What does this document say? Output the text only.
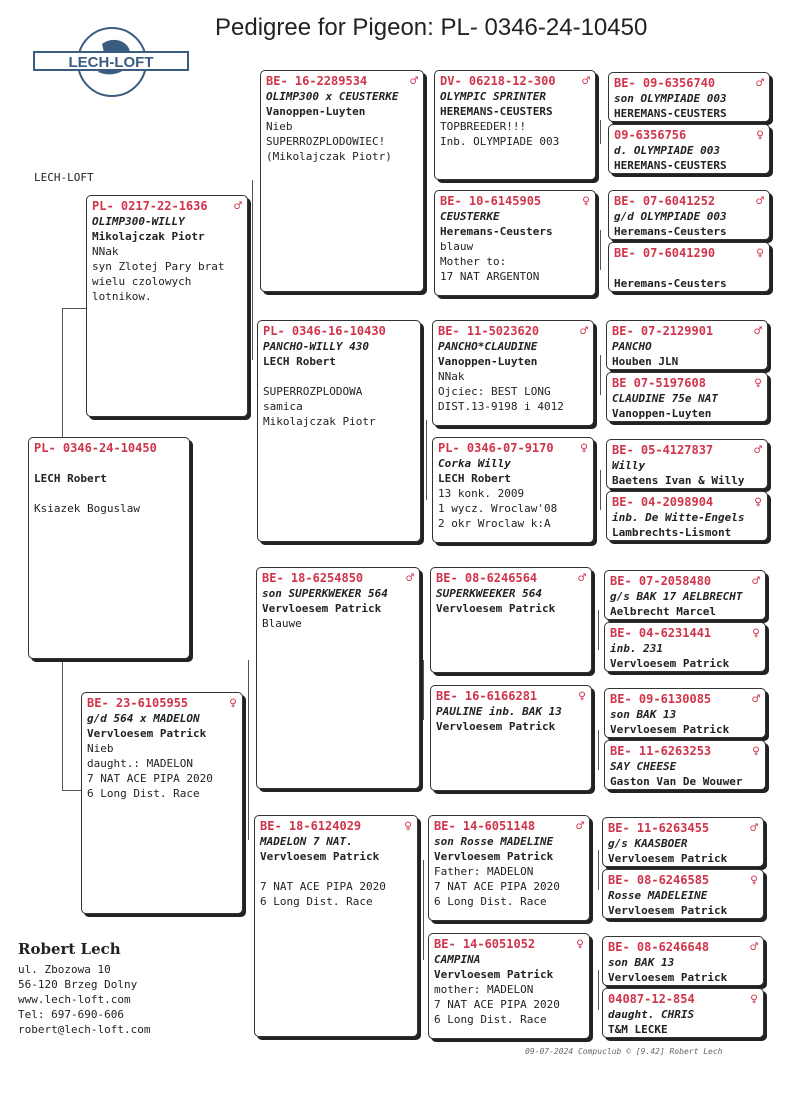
Pedigree for Pigeon: PL- 0346-24-10450
LECH-LOFT
LECH-LOFT
PL- 0346-24-10450

LECH Robert

Ksiazek Boguslaw
PL- 0217-22-1636 ♂
OLIMP300-WILLY
Mikolajczak Piotr
NNak
syn Zlotej Pary brat
wielu czolowych
lotnikow.
BE- 23-6105955	♀
g/d 564 x MADELON
Vervloesem Patrick
Nieb
daught.: MADELON
7 NAT ACE PIPA 2020
6 Long Dist. Race
BE- 16-2289534	♂
OLIMP300 x CEUSTERKE
Vanoppen-Luyten
Nieb
SUPERROZPLODOWIEC!
(Mikolajczak Piotr)
PL- 0346-16-10430
PANCHO-WILLY 430
LECH Robert

SUPERROZPLODOWA
samica
Mikolajczak Piotr
BE- 18-6254850	♂
son SUPERKWEKER 564
Vervloesem Patrick
Blauwe
BE- 18-6124029	♀
MADELON 7 NAT.
Vervloesem Patrick

7 NAT ACE PIPA 2020
6 Long Dist. Race
DV- 06218-12-300 ♂
OLYMPIC SPRINTER
HEREMANS-CEUSTERS
TOPBREEDER!!!
Inb. OLYMPIADE 003
BE- 10-6145905	♀
CEUSTERKE
Heremans-Ceusters
blauw
Mother to:
17 NAT ARGENTON
BE- 11-5023620	♂
PANCHO*CLAUDINE
Vanoppen-Luyten
NNak
Ojciec: BEST LONG
DIST.13-9198 i 4012
PL- 0346-07-9170 ♀
Corka Willy
LECH Robert
13 konk. 2009
1 wycz. Wroclaw'08
2 okr Wroclaw k:A
BE- 08-6246564	♂
SUPERKWEEKER 564
Vervloesem Patrick
BE- 16-6166281	♀
PAULINE inb. BAK 13
Vervloesem Patrick
BE- 14-6051148	♂
son Rosse MADELINE
Vervloesem Patrick
Father: MADELON
7 NAT ACE PIPA 2020
6 Long Dist. Race
BE- 14-6051052	♀
CAMPINA
Vervloesem Patrick
mother: MADELON
7 NAT ACE PIPA 2020
6 Long Dist. Race
BE- 09-6356740	♂
son OLYMPIADE 003
HEREMANS-CEUSTERS
09-6356756	♀
d. OLYMPIADE 003
HEREMANS-CEUSTERS
BE- 07-6041252	♂
g/d OLYMPIADE 003
Heremans-Ceusters
BE- 07-6041290	♀

Heremans-Ceusters
BE- 07-2129901	♂
PANCHO
Houben JLN
BE 07-5197608	♀
CLAUDINE 75e NAT
Vanoppen-Luyten
BE- 05-4127837	♂
Willy
Baetens Ivan & Willy
BE- 04-2098904	♀
inb. De Witte-Engels
Lambrechts-Lismont
BE- 07-2058480	♂
g/s BAK 17 AELBRECHT
Aelbrecht Marcel
BE- 04-6231441	♀
inb. 231
Vervloesem Patrick
BE- 09-6130085	♂
son BAK 13
Vervloesem Patrick
BE- 11-6263253	♀
SAY CHEESE
Gaston Van De Wouwer
BE- 11-6263455	♂
g/s KAASBOER
Vervloesem Patrick
BE- 08-6246585	♀
Rosse MADELEINE
Vervloesem Patrick
BE- 08-6246648	♂
son BAK 13
Vervloesem Patrick
04087-12-854	♀
daught. CHRIS
T&M LECKE
Robert Lech
ul. Zbozowa 10
56-120 Brzeg Dolny
www.lech-loft.com
Tel: 697-690-606
robert@lech-loft.com
09-07-2024 Compuclub © [9.42] Robert Lech
